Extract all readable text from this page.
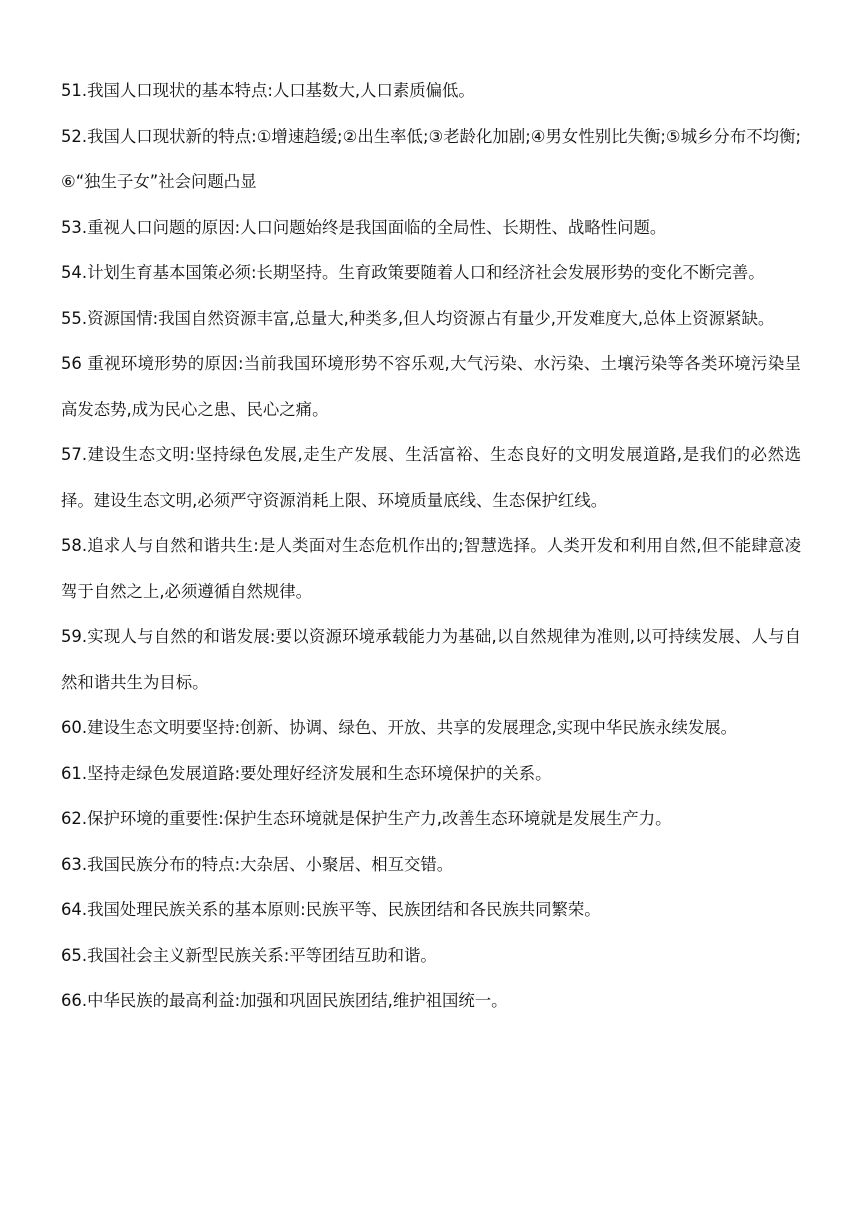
51.我国人口现状的基本特点:人口基数大,人口素质偏低。

52.我国人口现状新的特点:①增速趋缓;②出生率低;③老龄化加剧;④男女性别比失衡;⑤城乡分布不均衡;⑥“独生子女”社会问题凸显

53.重视人口问题的原因:人口问题始终是我国面临的全局性、长期性、战略性问题。

54.计划生育基本国策必须:长期坚持。生育政策要随着人口和经济社会发展形势的变化不断完善。

55.资源国情:我国自然资源丰富,总量大,种类多,但人均资源占有量少,开发难度大,总体上资源紧缺。

56 重视环境形势的原因:当前我国环境形势不容乐观,大气污染、水污染、土壤污染等各类环境污染呈高发态势,成为民心之患、民心之痛。

57.建设生态文明:坚持绿色发展,走生产发展、生活富裕、生态良好的文明发展道路,是我们的必然选择。建设生态文明,必须严守资源消耗上限、环境质量底线、生态保护红线。

58.追求人与自然和谐共生:是人类面对生态危机作出的;智慧选择。人类开发和利用自然,但不能肆意凌驾于自然之上,必须遵循自然规律。

59.实现人与自然的和谐发展:要以资源环境承载能力为基础,以自然规律为准则,以可持续发展、人与自然和谐共生为目标。

60.建设生态文明要坚持:创新、协调、绿色、开放、共享的发展理念,实现中华民族永续发展。

61.坚持走绿色发展道路:要处理好经济发展和生态环境保护的关系。

62.保护环境的重要性:保护生态环境就是保护生产力,改善生态环境就是发展生产力。

63.我国民族分布的特点:大杂居、小聚居、相互交错。

64.我国处理民族关系的基本原则:民族平等、民族团结和各民族共同繁荣。

65.我国社会主义新型民族关系:平等团结互助和谐。

66.中华民族的最高利益:加强和巩固民族团结,维护祖国统一。
